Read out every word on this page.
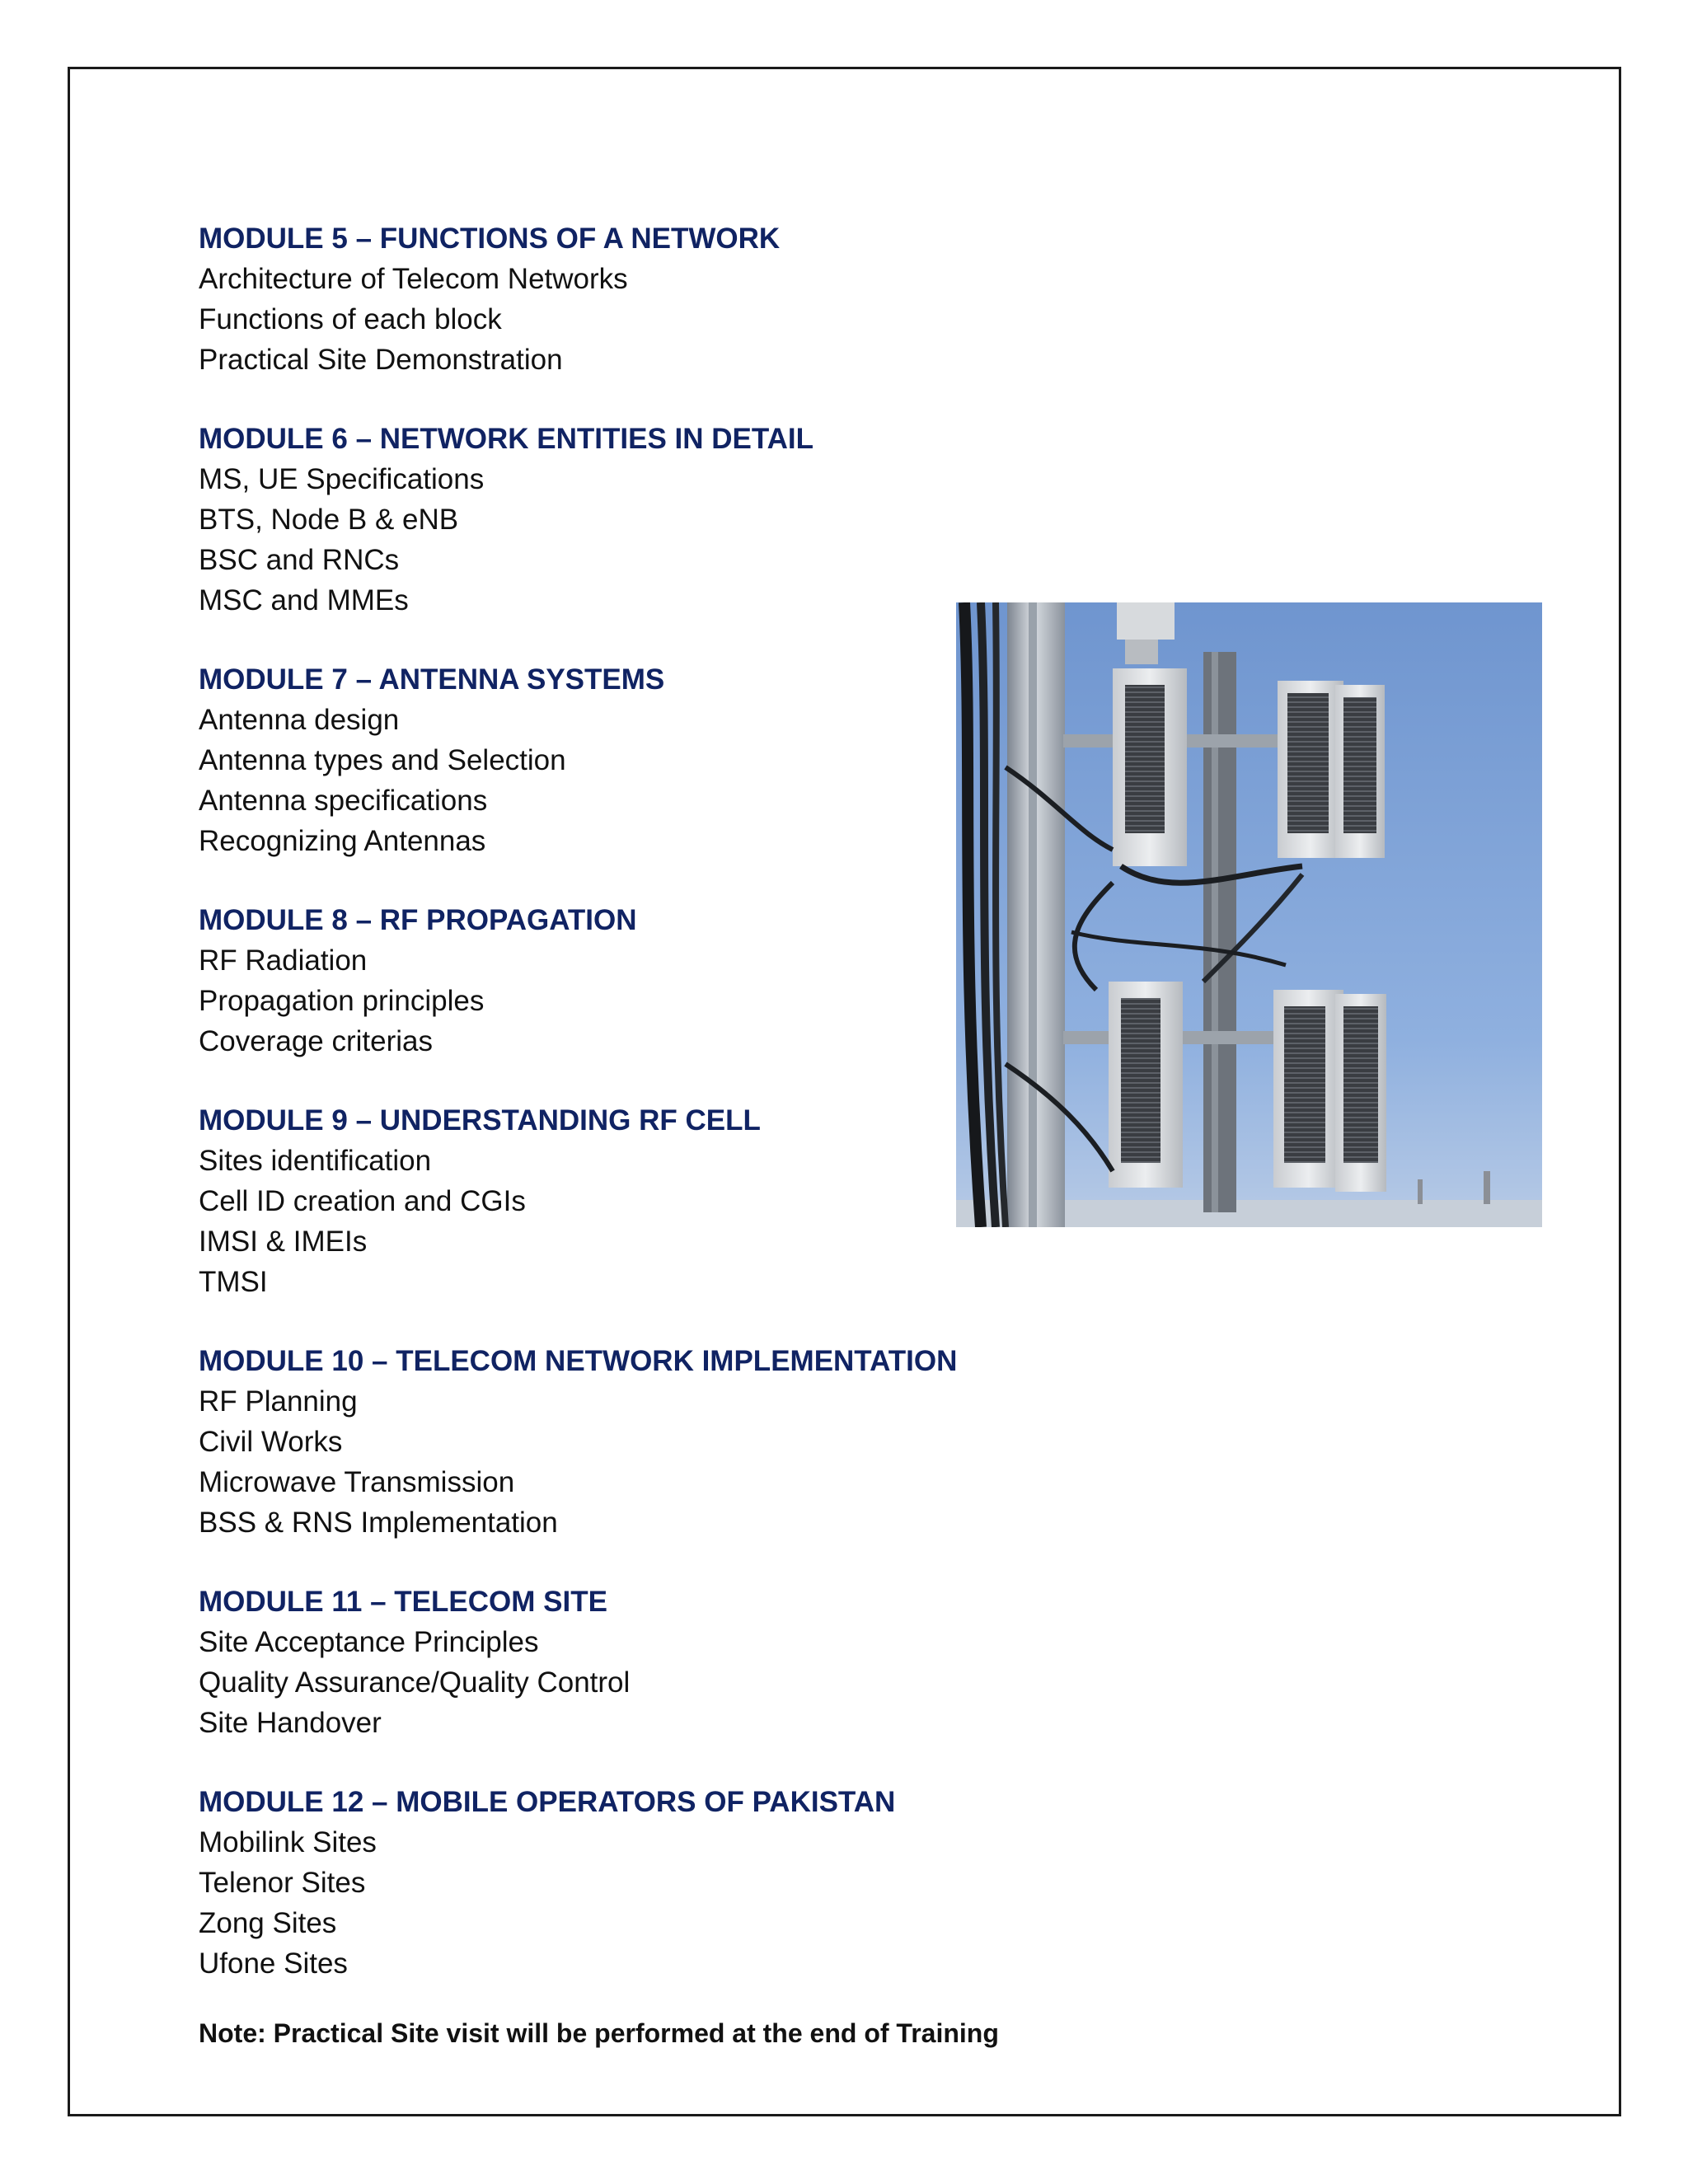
MODULE 5 – FUNCTIONS OF A NETWORK

Architecture of Telecom Networks

Functions of each block

Practical Site Demonstration

MODULE 6 – NETWORK ENTITIES IN DETAIL

MS, UE Specifications

BTS, Node B & eNB

BSC and RNCs

MSC and MMEs

MODULE 7 – ANTENNA SYSTEMS

Antenna design

Antenna types and Selection

Antenna specifications

Recognizing Antennas

MODULE 8 – RF PROPAGATION

RF Radiation

Propagation principles

Coverage criterias

MODULE 9 – UNDERSTANDING RF CELL

Sites identification

Cell ID creation and CGIs

IMSI & IMEIs

TMSI

MODULE 10 – TELECOM NETWORK IMPLEMENTATION

RF Planning

Civil Works

Microwave Transmission

BSS & RNS Implementation

MODULE 11 – TELECOM SITE

Site Acceptance Principles

Quality Assurance/Quality Control

Site Handover

MODULE 12 – MOBILE OPERATORS OF PAKISTAN

Mobilink Sites

Telenor Sites

Zong Sites

Ufone Sites

Note: Practical Site visit will be performed at the end of Training
